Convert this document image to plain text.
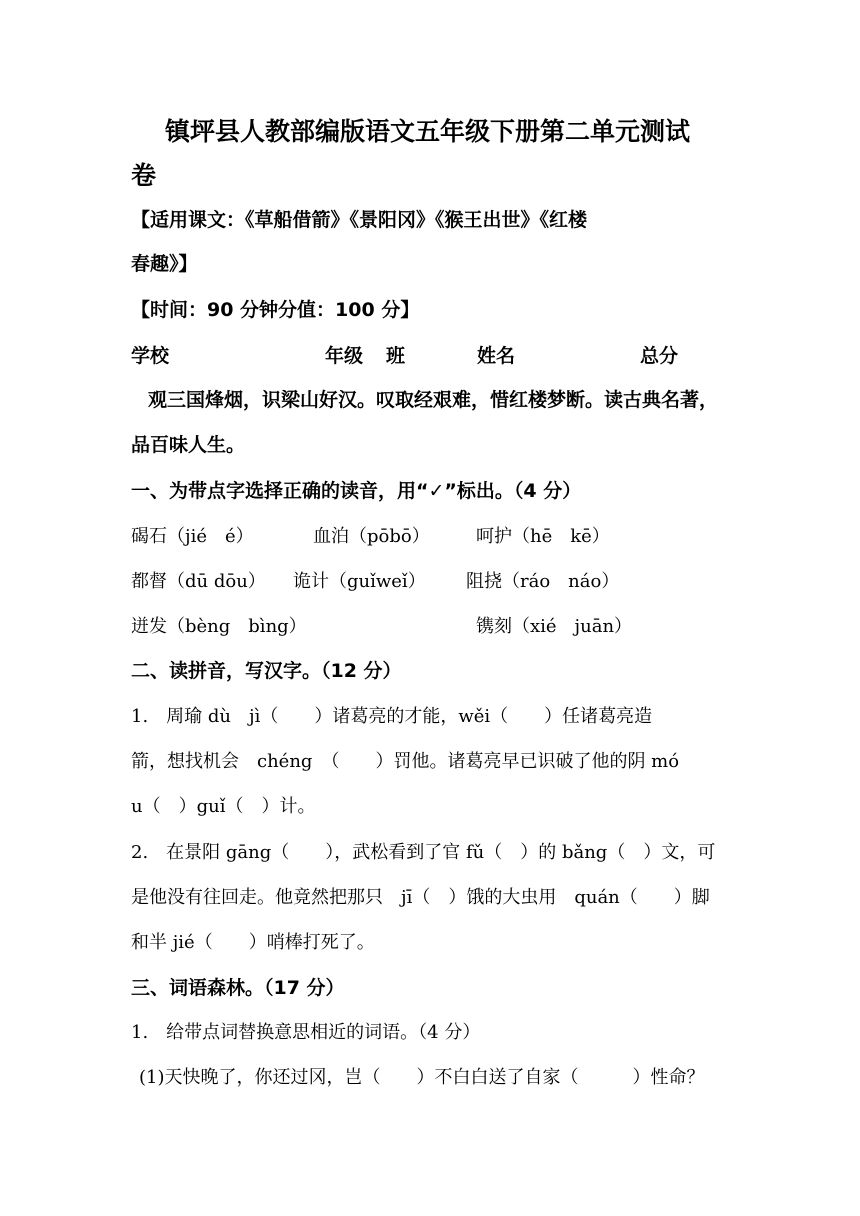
镇坪县人教部编版语文五年级下册第二单元测试
卷
【适用课文：《草船借箭》《景阳冈》《猴王出世》《红楼
春趣》】
【时间：90 分钟分值：100 分】
学校	年级 班	姓名	总分
观三国烽烟，识梁山好汉。叹取经艰难，惜红楼梦断。读古典名著，
品百味人生。
一、为带点字选择正确的读音，用“✓”标出。（4 分）
碣石（jié　é）	血泊（pōbō）	呵护（hē　kē）
都督（dū dōu） 诡计（guǐweǐ） 阻挠（ráo　náo）
迸发（bèng　bìng）	镌刻（xié　juān）
二、读拼音，写汉字。（12 分）
1.　周瑜 dù　jì（　　）诸葛亮的才能，wěi（　　）任诸葛亮造
箭，想找机会　chéng　（　　）罚他。诸葛亮早已识破了他的阴 mó
u（　）guǐ（　）计。
2.　在景阳 gāng（　　），武松看到了官 fǔ（　）的 bǎng（　）文，可
是他没有往回走。他竟然把那只　jī（　）饿的大虫用　quán（　　）脚
和半 jié（　　）哨棒打死了。
三、词语森林。（17 分）
1.　给带点词替换意思相近的词语。（4 分）
(1)天快晚了，你还过冈，岂（　　）不白白送了自家（　　　）性命？
